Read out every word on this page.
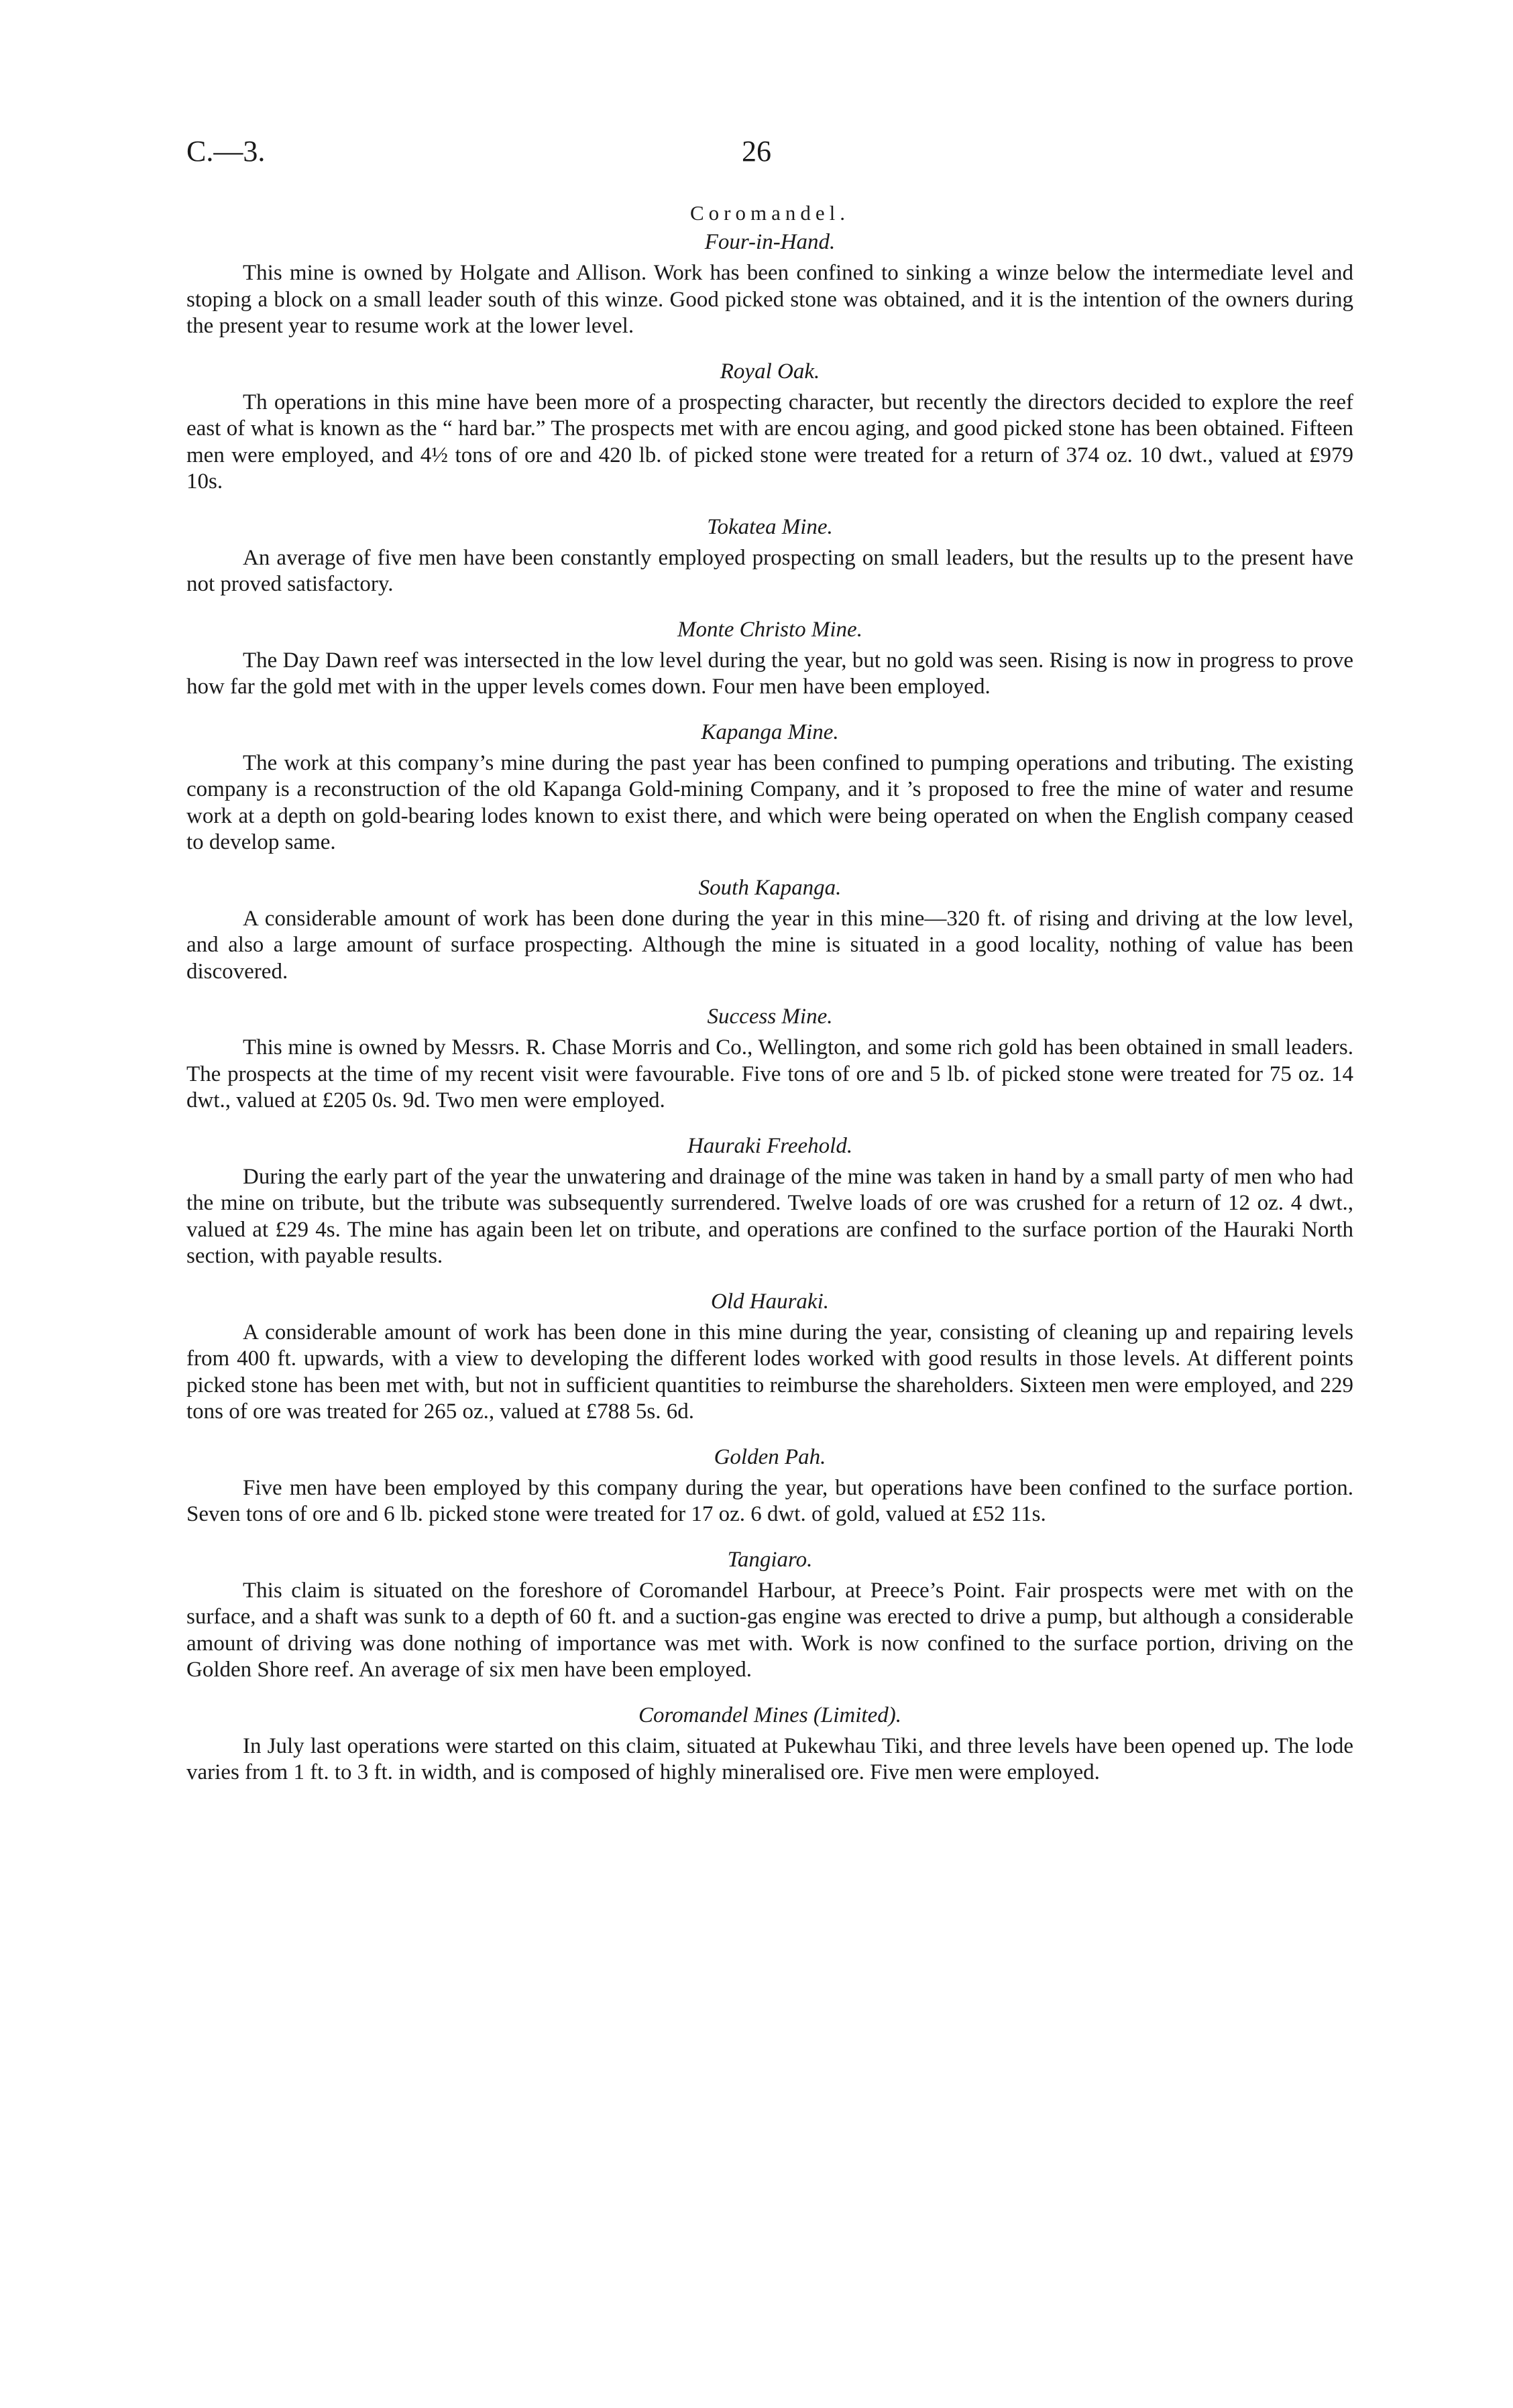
C.—3.	26
Coromandel.
Four-in-Hand.

This mine is owned by Holgate and Allison. Work has been confined to sinking a winze below the intermediate level and stoping a block on a small leader south of this winze. Good picked stone was obtained, and it is the intention of the owners during the present year to resume work at the lower level.

Royal Oak.

Th operations in this mine have been more of a prospecting character, but recently the directors decided to explore the reef east of what is known as the “ hard bar.” The prospects met with are encou aging, and good picked stone has been obtained. Fifteen men were employed, and 4½ tons of ore and 420 lb. of picked stone were treated for a return of 374 oz. 10 dwt., valued at £979 10s.

Tokatea Mine.

An average of five men have been constantly employed prospecting on small leaders, but the results up to the present have not proved satisfactory.

Monte Christo Mine.

The Day Dawn reef was intersected in the low level during the year, but no gold was seen. Rising is now in progress to prove how far the gold met with in the upper levels comes down. Four men have been employed.

Kapanga Mine.

The work at this company’s mine during the past year has been confined to pumping operations and tributing. The existing company is a reconstruction of the old Kapanga Gold-mining Company, and it ’s proposed to free the mine of water and resume work at a depth on gold-bearing lodes known to exist there, and which were being operated on when the English company ceased to develop same.

South Kapanga.

A considerable amount of work has been done during the year in this mine—320 ft. of rising and driving at the low level, and also a large amount of surface prospecting. Although the mine is situated in a good locality, nothing of value has been discovered.

Success Mine.

This mine is owned by Messrs. R. Chase Morris and Co., Wellington, and some rich gold has been obtained in small leaders. The prospects at the time of my recent visit were favourable. Five tons of ore and 5 lb. of picked stone were treated for 75 oz. 14 dwt., valued at £205 0s. 9d. Two men were employed.

Hauraki Freehold.

During the early part of the year the unwatering and drainage of the mine was taken in hand by a small party of men who had the mine on tribute, but the tribute was subsequently surrendered. Twelve loads of ore was crushed for a return of 12 oz. 4 dwt., valued at £29 4s. The mine has again been let on tribute, and operations are confined to the surface portion of the Hauraki North section, with payable results.

Old Hauraki.

A considerable amount of work has been done in this mine during the year, consisting of cleaning up and repairing levels from 400 ft. upwards, with a view to developing the different lodes worked with good results in those levels. At different points picked stone has been met with, but not in sufficient quantities to reimburse the shareholders. Sixteen men were employed, and 229 tons of ore was treated for 265 oz., valued at £788 5s. 6d.

Golden Pah.

Five men have been employed by this company during the year, but operations have been confined to the surface portion. Seven tons of ore and 6 lb. picked stone were treated for 17 oz. 6 dwt. of gold, valued at £52 11s.

Tangiaro.

This claim is situated on the foreshore of Coromandel Harbour, at Preece’s Point. Fair prospects were met with on the surface, and a shaft was sunk to a depth of 60 ft. and a suction-gas engine was erected to drive a pump, but although a considerable amount of driving was done nothing of importance was met with. Work is now confined to the surface portion, driving on the Golden Shore reef. An average of six men have been employed.

Coromandel Mines (Limited).

In July last operations were started on this claim, situated at Pukewhau Tiki, and three levels have been opened up. The lode varies from 1 ft. to 3 ft. in width, and is composed of highly mineralised ore. Five men were employed.
